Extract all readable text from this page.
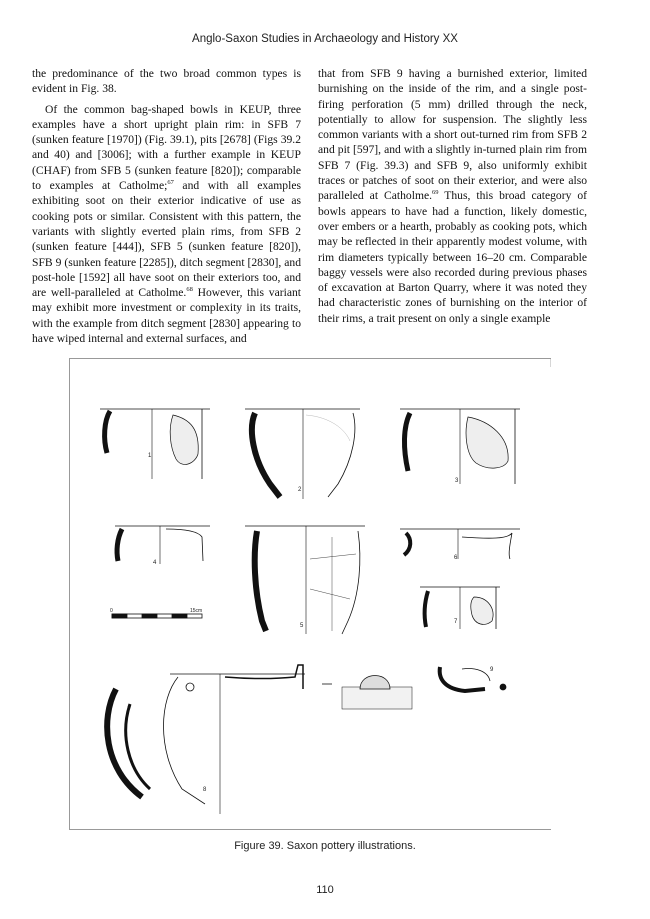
Anglo-Saxon Studies in Archaeology and History XX

the predominance of the two broad common types is evident in Fig. 38.

Of the common bag-shaped bowls in KEUP, three examples have a short upright plain rim: in SFB 7 (sunken feature [1970]) (Fig. 39.1), pits [2678] (Figs 39.2 and 40) and [3006]; with a further example in KEUP (CHAF) from SFB 5 (sunken feature [820]); comparable to examples at Catholme;$^{67}$ and with all examples exhibiting soot on their exterior indicative of use as cooking pots or similar. Consistent with this pattern, the variants with slightly everted plain rims, from SFB 2 (sunken feature [444]), SFB 5 (sunken feature [820]), SFB 9 (sunken feature [2285]), ditch segment [2830], and post-hole [1592] all have soot on their exteriors too, and are well-paralleled at Catholme.$^{68}$ However, this variant may exhibit more investment or complexity in its traits, with the example from ditch segment [2830] appearing to have wiped internal and external surfaces, and

that from SFB 9 having a burnished exterior, limited burnishing on the inside of the rim, and a single post-firing perforation (5 mm) drilled through the neck, potentially to allow for suspension. The slightly less common variants with a short out-turned rim from SFB 2 and pit [597], and with a slightly in-turned plain rim from SFB 7 (Fig. 39.3) and SFB 9, also uniformly exhibit traces or patches of soot on their exterior, and were also paralleled at Catholme.$^{69}$ Thus, this broad category of bowls appears to have had a function, likely domestic, over embers or a hearth, probably as cooking pots, which may be reflected in their apparently modest volume, with rim diameters typically between 16–20 cm. Comparable baggy vessels were also recorded during previous phases of excavation at Barton Quarry, where it was noted they had characteristic zones of burnishing on the interior of their rims, a trait present on only a single example

1
2
3
4
5
6
7
8
9
0	15cm
Figure 39. Saxon pottery illustrations.
110
